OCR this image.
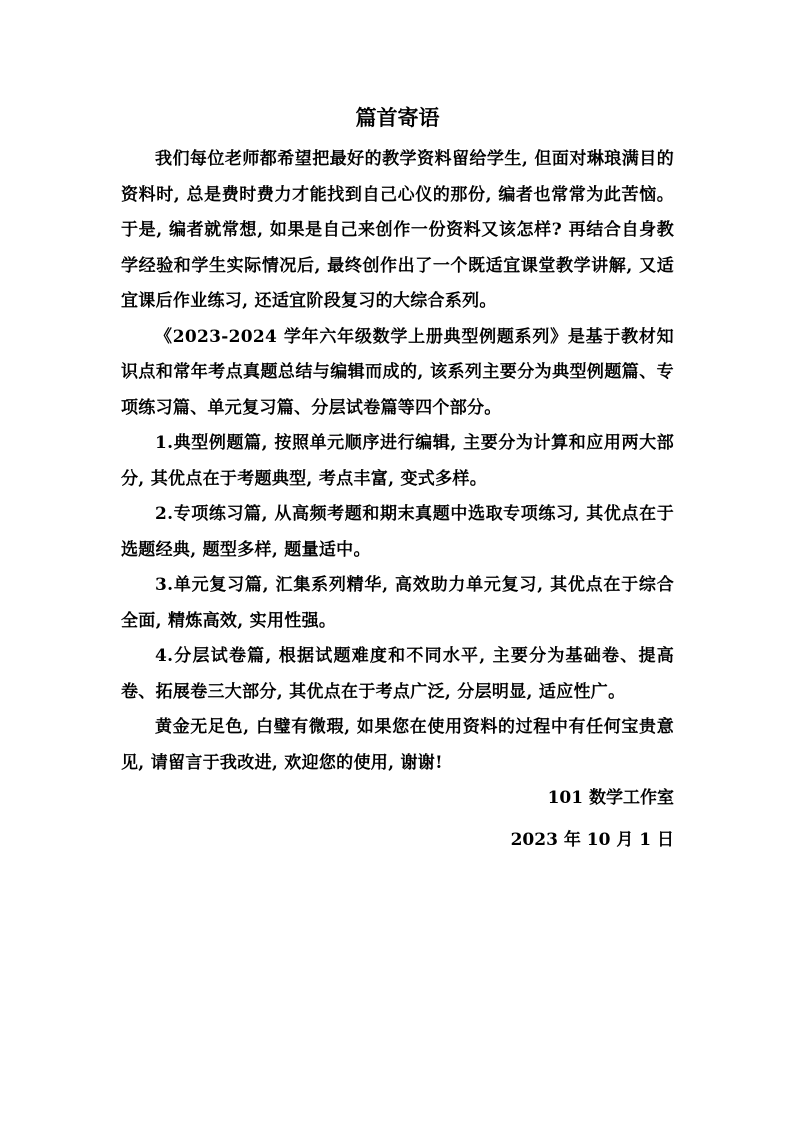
篇首寄语

我们每位老师都希望把最好的教学资料留给学生, 但面对琳琅满目的资料时, 总是费时费力才能找到自己心仪的那份, 编者也常常为此苦恼。于是, 编者就常想, 如果是自己来创作一份资料又该怎样? 再结合自身教学经验和学生实际情况后, 最终创作出了一个既适宜课堂教学讲解, 又适宜课后作业练习, 还适宜阶段复习的大综合系列。

《2023-2024 学年六年级数学上册典型例题系列》是基于教材知识点和常年考点真题总结与编辑而成的, 该系列主要分为典型例题篇、专项练习篇、单元复习篇、分层试卷篇等四个部分。

1.典型例题篇, 按照单元顺序进行编辑, 主要分为计算和应用两大部分, 其优点在于考题典型, 考点丰富, 变式多样。

2.专项练习篇, 从高频考题和期末真题中选取专项练习, 其优点在于选题经典, 题型多样, 题量适中。

3.单元复习篇, 汇集系列精华, 高效助力单元复习, 其优点在于综合全面, 精炼高效, 实用性强。

4.分层试卷篇, 根据试题难度和不同水平, 主要分为基础卷、提高卷、拓展卷三大部分, 其优点在于考点广泛, 分层明显, 适应性广。

黄金无足色, 白璧有微瑕, 如果您在使用资料的过程中有任何宝贵意见, 请留言于我改进, 欢迎您的使用, 谢谢!

101 数学工作室

2023 年 10 月 1 日
